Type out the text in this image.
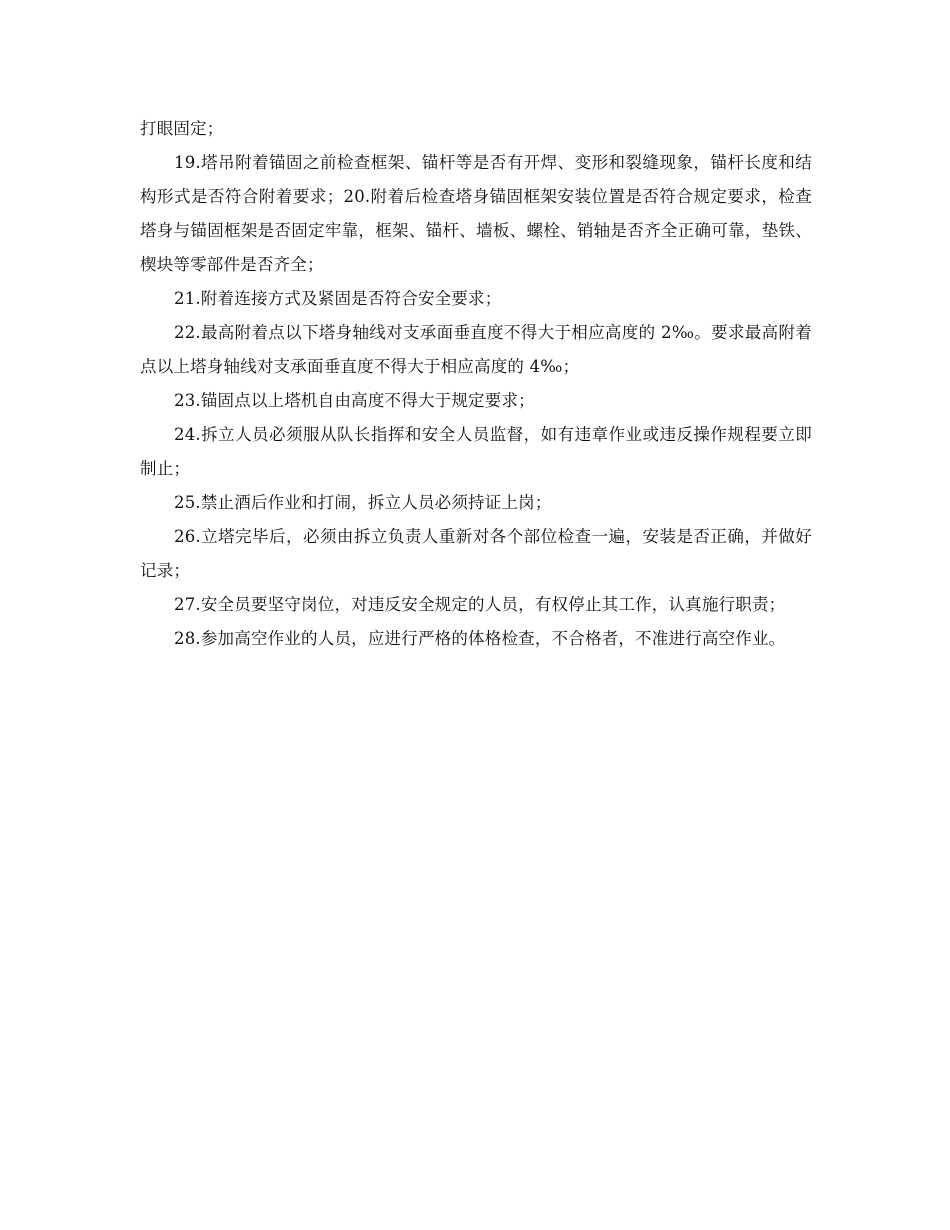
打眼固定；

19.塔吊附着锚固之前检查框架、锚杆等是否有开焊、变形和裂缝现象，锚杆长度和结构形式是否符合附着要求；20.附着后检查塔身锚固框架安装位置是否符合规定要求，检查塔身与锚固框架是否固定牢靠，框架、锚杆、墙板、螺栓、销轴是否齐全正确可靠，垫铁、楔块等零部件是否齐全；

21.附着连接方式及紧固是否符合安全要求；

22.最高附着点以下塔身轴线对支承面垂直度不得大于相应高度的 2‰。要求最高附着点以上塔身轴线对支承面垂直度不得大于相应高度的 4‰；

23.锚固点以上塔机自由高度不得大于规定要求；

24.拆立人员必须服从队长指挥和安全人员监督，如有违章作业或违反操作规程要立即制止；

25.禁止酒后作业和打闹，拆立人员必须持证上岗；

26.立塔完毕后，必须由拆立负责人重新对各个部位检查一遍，安装是否正确，并做好记录；

27.安全员要坚守岗位，对违反安全规定的人员，有权停止其工作，认真施行职责；

28.参加高空作业的人员，应进行严格的体格检查，不合格者，不准进行高空作业。
